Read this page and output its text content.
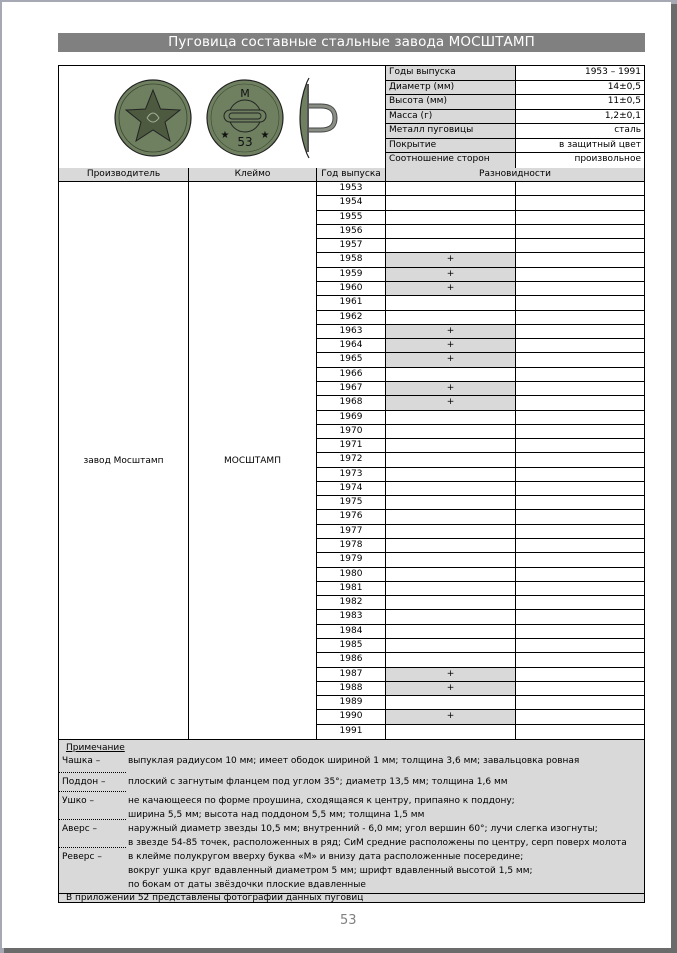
Пуговица составные стальные завода МОСШТАМП
М
53
★	★
Годы выпуска	1953 – 1991
Диаметр (мм)	14±0,5
Высота (мм)	11±0,5
Масса (г)	1,2±0,1
Металл пуговицы	сталь
Покрытие	в защитный цвет
Соотношение сторон	произвольное
Производитель	Клеймо	Год выпуска	Разновидности
завод Мосштамп	МОСШТАМП
1953
1954
1955
1956
1957
1958	+
1959	+
1960	+
1961
1962
1963	+
1964	+
1965	+
1966
1967	+
1968	+
1969
1970
1971
1972
1973
1974
1975
1976
1977
1978
1979
1980
1981
1982
1983
1984
1985
1986
1987	+
1988	+
1989
1990	+
1991
Примечание
Чашка –	выпуклая радиусом 10 мм; имеет ободок шириной 1 мм; толщина 3,6 мм; завальцовка ровная
Поддон –	плоский с загнутым фланцем под углом 35°; диаметр 13,5 мм; толщина 1,6 мм
Ушко –	не качающееся по форме проушина, сходящаяся к центру, припаяно к поддону;
ширина 5,5 мм; высота над поддоном 5,5 мм; толщина 1,5 мм
Аверс –	наружный диаметр звезды 10,5 мм; внутренний - 6,0 мм; угол вершин 60°; лучи слегка изогнуты;
в звезде 54-85 точек, расположенных в ряд; СиМ средние расположены по центру, серп поверх молота
Реверс –	в клейме полукругом вверху буква «М» и внизу дата расположенные посередине;
вокруг ушка круг вдавленный диаметром 5 мм; шрифт вдавленный высотой 1,5 мм;
по бокам от даты звёздочки плоские вдавленные
В приложении 52 представлены фотографии данных пуговиц
53
